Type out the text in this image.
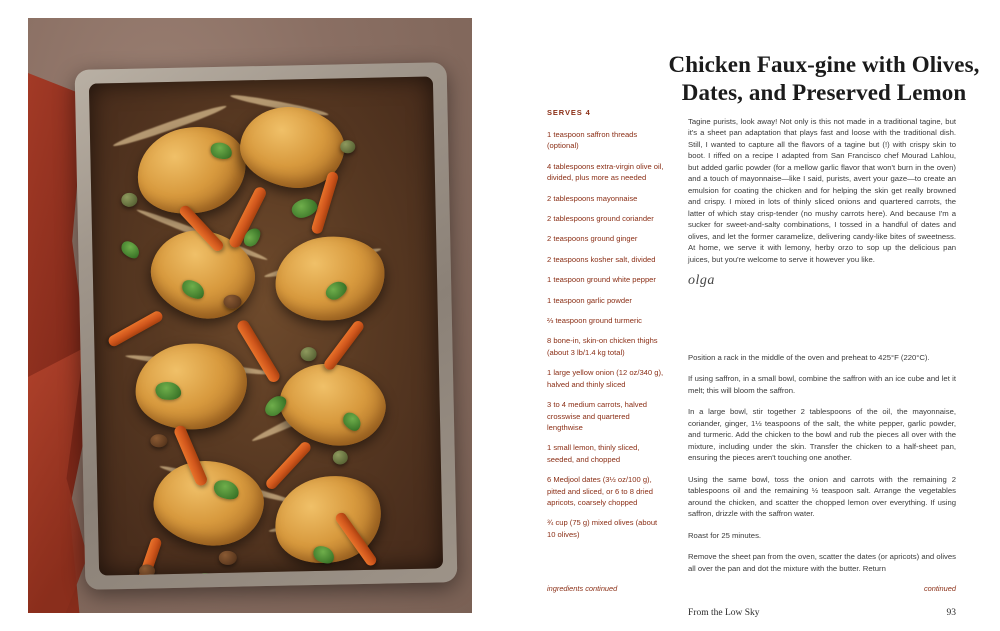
Chicken Faux-gine with Olives, Dates, and Preserved Lemon
SERVES 4
1 teaspoon saffron threads (optional)
4 tablespoons extra-virgin olive oil, divided, plus more as needed
2 tablespoons mayonnaise
2 tablespoons ground coriander
2 teaspoons ground ginger
2 teaspoons kosher salt, divided
1 teaspoon ground white pepper
1 teaspoon garlic powder
⅔ teaspoon ground turmeric
8 bone-in, skin-on chicken thighs (about 3 lb/1.4 kg total)
1 large yellow onion (12 oz/340 g), halved and thinly sliced
3 to 4 medium carrots, halved crosswise and quartered lengthwise
1 small lemon, thinly sliced, seeded, and chopped
6 Medjool dates (3½ oz/100 g), pitted and sliced, or 6 to 8 dried apricots, coarsely chopped
¾ cup (75 g) mixed olives (about 10 olives)
ingredients continued

Tagine purists, look away! Not only is this not made in a traditional tagine, but it's a sheet pan adaptation that plays fast and loose with the traditional dish. Still, I wanted to capture all the flavors of a tagine but (!) with crispy skin to boot. I riffed on a recipe I adapted from San Francisco chef Mourad Lahlou, but added garlic powder (for a mellow garlic flavor that won't burn in the oven) and a touch of mayonnaise—like I said, purists, avert your gaze—to create an emulsion for coating the chicken and for helping the skin get really browned and crispy. I mixed in lots of thinly sliced onions and quartered carrots, the latter of which stay crisp-tender (no mushy carrots here). And because I'm a sucker for sweet-and-salty combinations, I tossed in a handful of dates and olives, and let the former caramelize, delivering candy-like bites of sweetness. At home, we serve it with lemony, herby orzo to sop up the delicious pan juices, but you're welcome to serve it however you like.

olga

Position a rack in the middle of the oven and preheat to 425°F (220°C).

If using saffron, in a small bowl, combine the saffron with an ice cube and let it melt; this will bloom the saffron.

In a large bowl, stir together 2 tablespoons of the oil, the mayonnaise, coriander, ginger, 1½ teaspoons of the salt, the white pepper, garlic powder, and turmeric. Add the chicken to the bowl and rub the pieces all over with the mixture, including under the skin. Transfer the chicken to a half-sheet pan, ensuring the pieces aren't touching one another.

Using the same bowl, toss the onion and carrots with the remaining 2 tablespoons oil and the remaining ½ teaspoon salt. Arrange the vegetables around the chicken, and scatter the chopped lemon over everything. If using saffron, drizzle with the saffron water.

Roast for 25 minutes.

Remove the sheet pan from the oven, scatter the dates (or apricots) and olives all over the pan and dot the mixture with the butter. Return

continued
From the Low Sky	93
